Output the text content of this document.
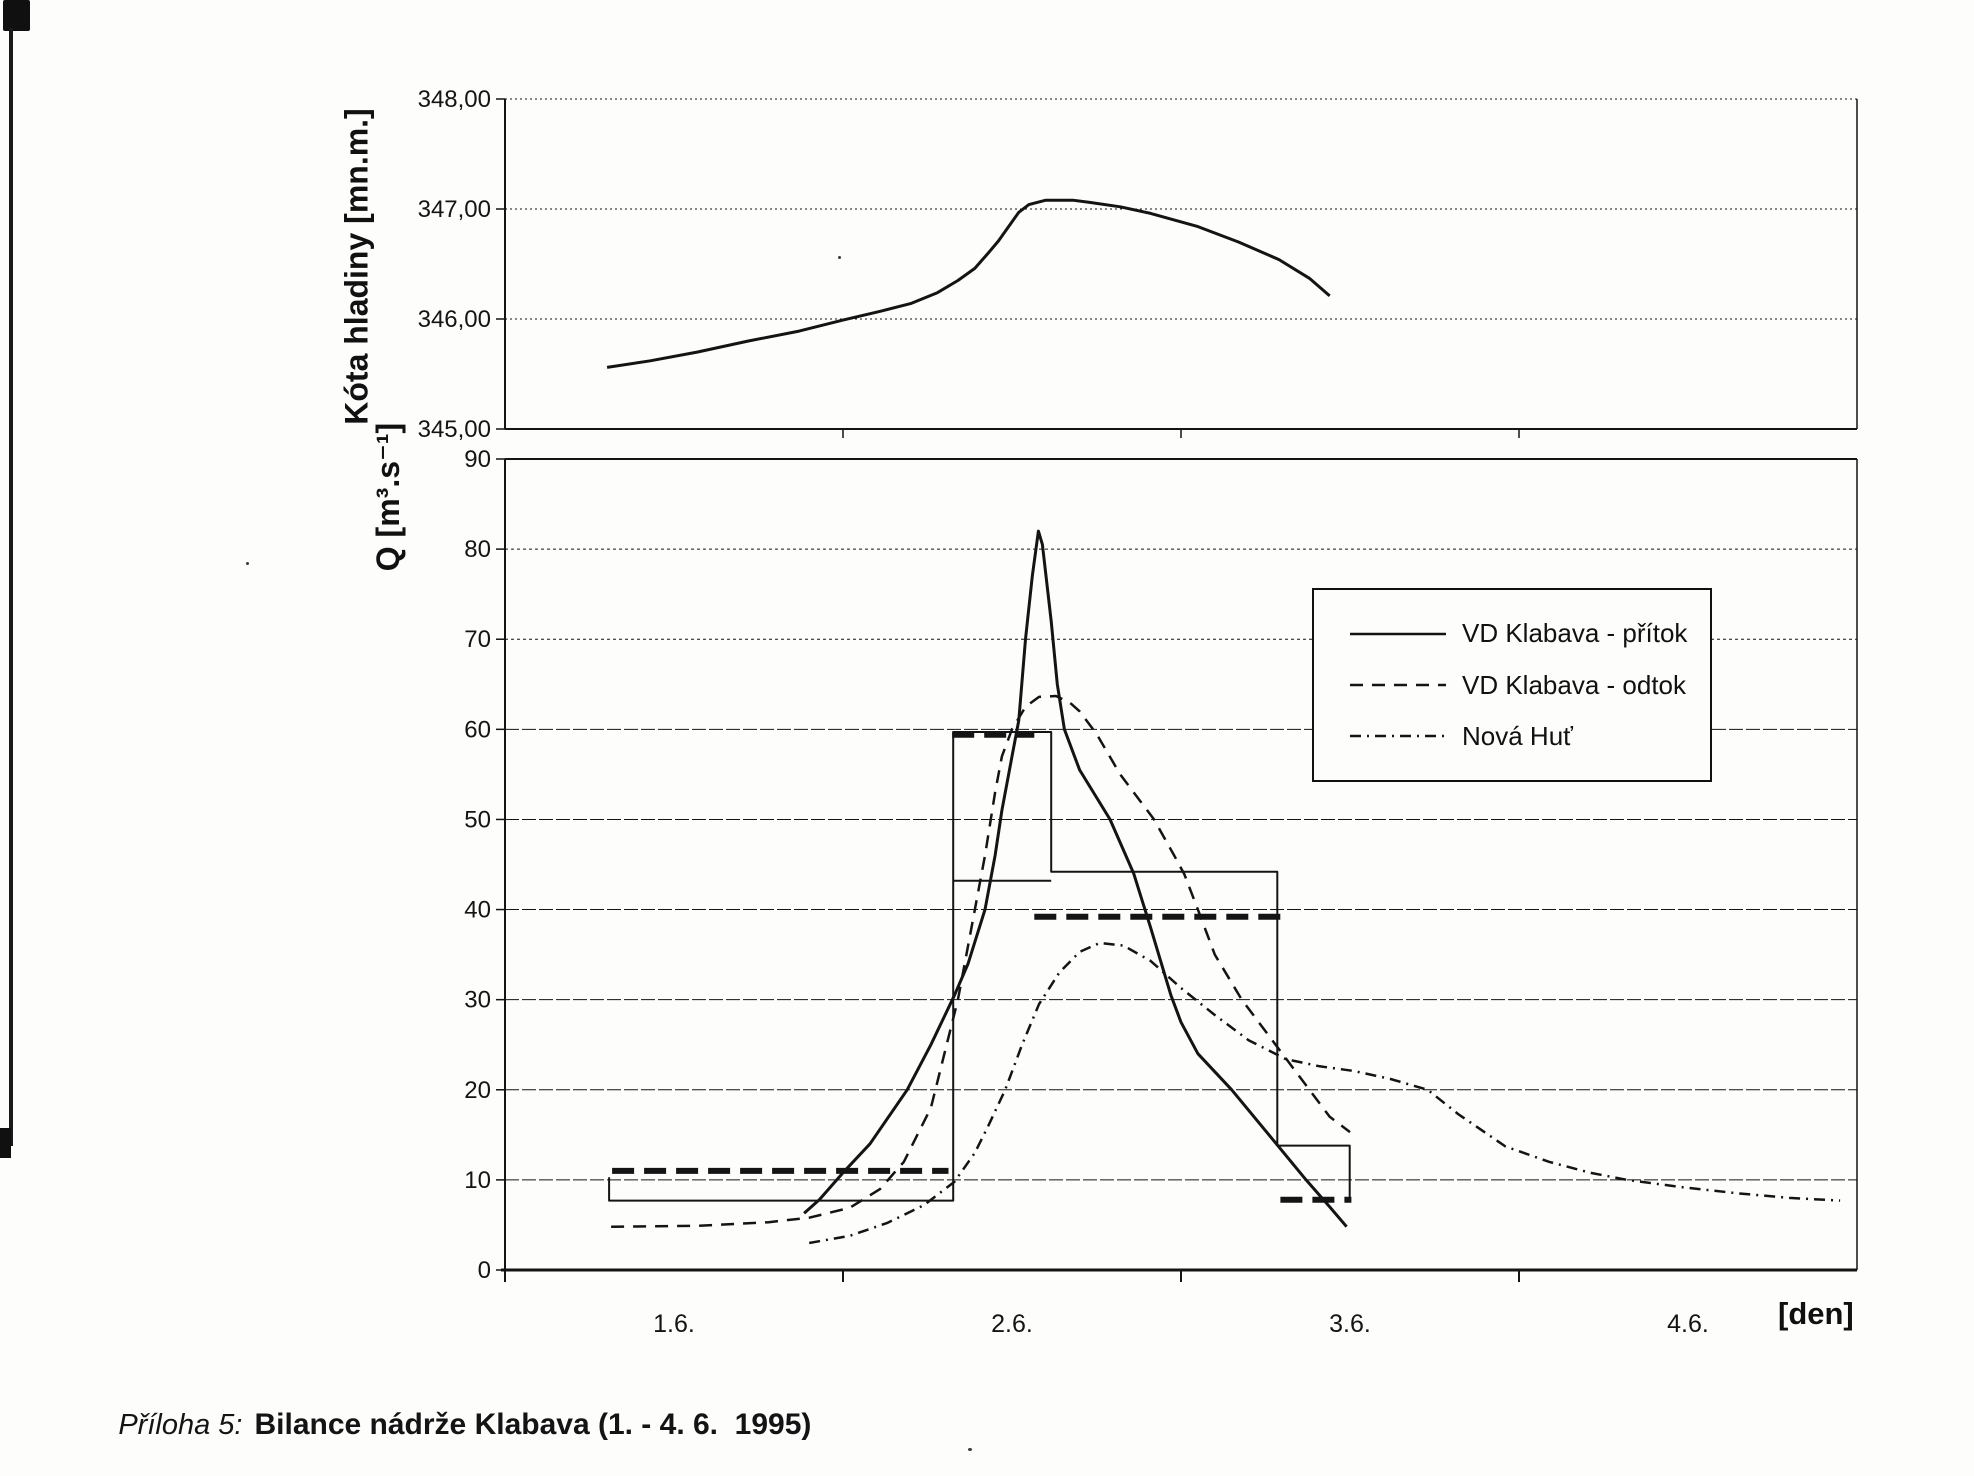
345,00
346,00
347,00
348,00
0
10
20
30
40
50
60
70
80
90
1.6.	2.6.	3.6.	4.6.
Kóta hladiny [mn.m.]
Q [m³.s⁻¹]
[den]
VD Klabava - přítok
VD Klabava - odtok
Nová Huť

Příloha 5: Bilance nádrže Klabava (1. - 4. 6.  1995)
